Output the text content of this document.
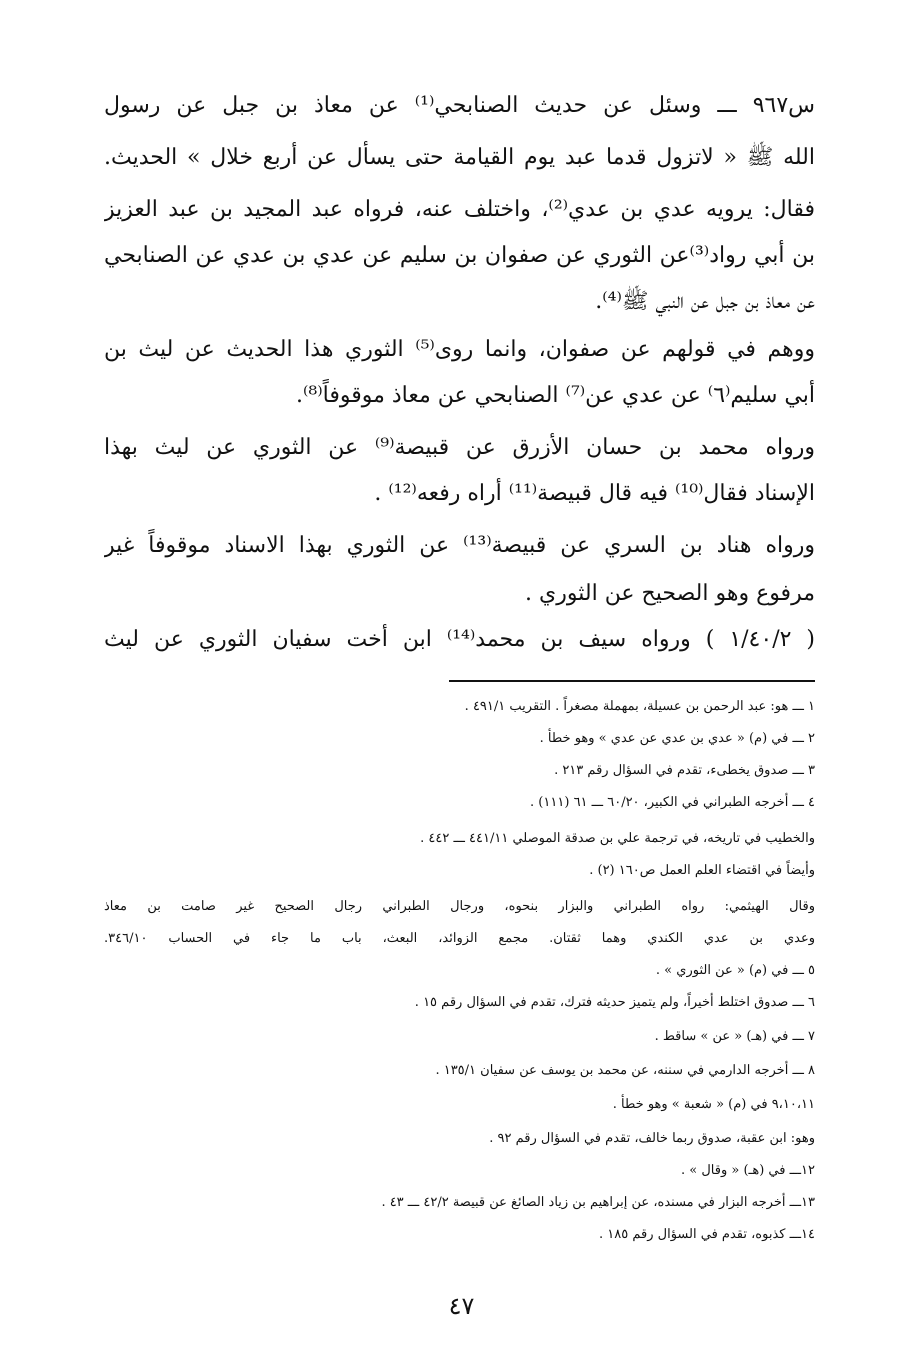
س٩٦٧ ـــ وسئل عن حديث الصنابحي⁽¹⁾ عن معاذ بن جبل عن رسول
الله ﷺ « لاتزول قدما عبد يوم القيامة حتى يسأل عن أربع خلال » الحديث.
فقال: يرويه عدي بن عدي⁽²⁾، واختلف عنه، فرواه عبد المجيد بن عبد العزيز
بن أبي رواد⁽³⁾عن الثوري عن صفوان بن سليم عن عدي بن عدي عن الصنابحي
عن معاذ بن جبل عن النبي ﷺ⁽⁴⁾.
ووهم في قولهم عن صفوان، وانما روى⁽⁵⁾ الثوري هذا الحديث عن ليث بن
أبي سليم⁽٦⁾ عن عدي عن⁽⁷⁾ الصنابحي عن معاذ موقوفاً⁽⁸⁾.
ورواه محمد بن حسان الأزرق عن قبيصة⁽⁹⁾ عن الثوري عن ليث بهذا
الإسناد فقال⁽¹⁰⁾ فيه قال قبيصة⁽¹¹⁾ أراه رفعه⁽¹²⁾ .
ورواه هناد بن السري عن قبيصة⁽¹³⁾ عن الثوري بهذا الاسناد موقوفاً غير
مرفوع وهو الصحيح عن الثوري .
( ١/٤٠/٢ ) ورواه سيف بن محمد⁽¹⁴⁾ ابن أخت سفيان الثوري عن ليث
١ ـــ هو: عبد الرحمن بن عسيلة، بمهملة مصغراً . التقريب ٤٩١/١ .
٢ ـــ في (م) « عدي بن عدي عن عدي » وهو خطأ .
٣ ـــ صدوق يخطىء، تقدم في السؤال رقم ٢١٣ .
٤ ـــ أخرجه الطبراني في الكبير، ٦٠/٢٠ ـــ ٦١ (١١١) .
والخطيب في تاريخه، في ترجمة علي بن صدقة الموصلي ٤٤١/١١ ـــ ٤٤٢ .
وأيضاً في اقتضاء العلم العمل ص١٦٠ (٢) .
وقال الهيثمي: رواه الطبراني والبزار بنحوه، ورجال الطبراني رجال الصحيح غير صامت بن معاذ
وعدي بن عدي الكندي وهما ثقتان. مجمع الزوائد، البعث، باب ما جاء في الحساب ٣٤٦/١٠.
٥ ـــ في (م) « عن الثوري » .
٦ ـــ صدوق اختلط أخيراً، ولم يتميز حديثه فترك، تقدم في السؤال رقم ١٥ .
٧ ـــ في (هـ) « عن » ساقط .
٨ ـــ أخرجه الدارمي في سننه، عن محمد بن يوسف عن سفيان ١٣٥/١ .
٩،١٠،١١ في (م) « شعبة » وهو خطأ .
وهو: ابن عقبة، صدوق ربما خالف، تقدم في السؤال رقم ٩٢ .
١٢ـــ في (هـ) « وقال » .
١٣ـــ أخرجه البزار في مسنده، عن إبراهيم بن زياد الصائغ عن قبيصة ٤٢/٢ ـــ ٤٣ .
١٤ـــ كذبوه، تقدم في السؤال رقم ١٨٥ .
٤٧
